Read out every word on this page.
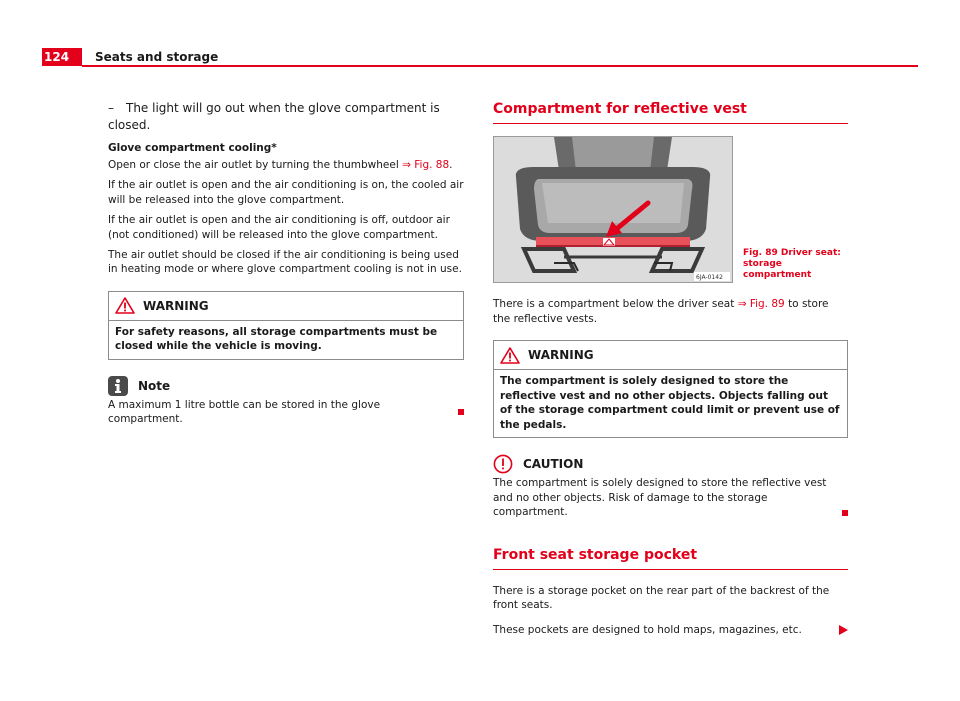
124	Seats and storage
– The light will go out when the glove compartment is closed.
Glove compartment cooling*

Open or close the air outlet by turning the thumbwheel ⇒ Fig. 88.

If the air outlet is open and the air conditioning is on, the cooled air will be released into the glove compartment.

If the air outlet is open and the air conditioning is off, outdoor air (not conditioned) will be released into the glove compartment.

The air outlet should be closed if the air conditioning is being used in heating mode or where glove compartment cooling is not in use.

WARNING
For safety reasons, all storage compartments must be closed while the vehicle is moving.
Note
A maximum 1 litre bottle can be stored in the glove compartment.
Compartment for reflective vest
6JA-0142
Fig. 89 Driver seat: storage compartment

There is a compartment below the driver seat ⇒ Fig. 89 to store the reflective vests.

WARNING
The compartment is solely designed to store the reflective vest and no other objects. Objects falling out of the storage compartment could limit or prevent use of the pedals.
CAUTION
The compartment is solely designed to store the reflective vest and no other objects. Risk of damage to the storage compartment.
Front seat storage pocket

There is a storage pocket on the rear part of the backrest of the front seats.

These pockets are designed to hold maps, magazines, etc.
